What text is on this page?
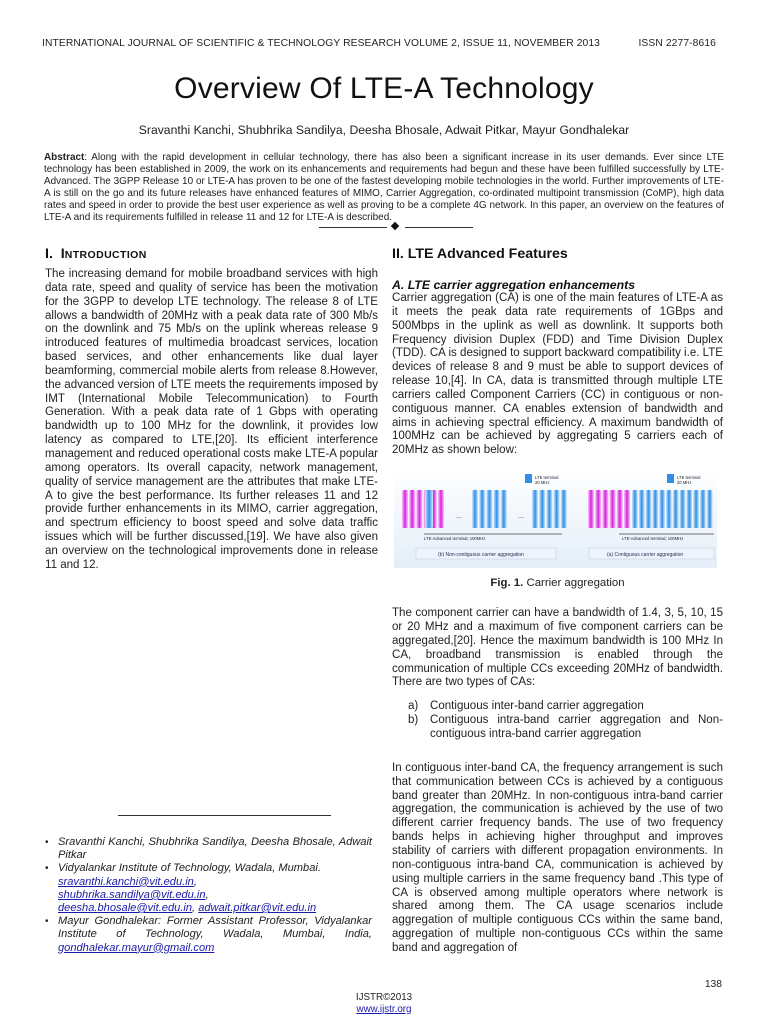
INTERNATIONAL JOURNAL OF SCIENTIFIC & TECHNOLOGY RESEARCH VOLUME 2, ISSUE 11, NOVEMBER 2013	ISSN 2277-8616
Overview Of LTE-A Technology
Sravanthi Kanchi, Shubhrika Sandilya, Deesha Bhosale, Adwait Pitkar, Mayur Gondhalekar
Abstract: Along with the rapid development in cellular technology, there has also been a significant increase in its user demands. Ever since LTE technology has been established in 2009, the work on its enhancements and requirements had begun and these have been fulfilled successfully by LTE-Advanced. The 3GPP Release 10 or LTE-A has proven to be one of the fastest developing mobile technologies in the world. Further improvements of LTE-A is still on the go and its future releases have enhanced features of MIMO, Carrier Aggregation, co-ordinated multipoint transmission (CoMP), high data rates and speed in order to provide the best user experience as well as proving to be a complete 4G network. In this paper, an overview on the features of LTE-A and its requirements fulfilled in release 11 and 12 for LTE-A is described.
I. INTRODUCTION

The increasing demand for mobile broadband services with high data rate, speed and quality of service has been the motivation for the 3GPP to develop LTE technology. The release 8 of LTE allows a bandwidth of 20MHz with a peak data rate of 300 Mb/s on the downlink and 75 Mb/s on the uplink whereas release 9 introduced features of multimedia broadcast services, location based services, and other enhancements like dual layer beamforming, commercial mobile alerts from release 8.However, the advanced version of LTE meets the requirements imposed by IMT (International Mobile Telecommunication) to Fourth Generation. With a peak data rate of 1 Gbps with operating bandwidth up to 100 MHz for the downlink, it provides low latency as compared to LTE,[20]. Its efficient interference management and reduced operational costs make LTE-A popular among operators. Its overall capacity, network management, quality of service management are the attributes that make LTE-A to give the best performance. Its further releases 11 and 12 provide further enhancements in its MIMO, carrier aggregation, and spectrum efficiency to boost speed and solve data traffic issues which will be further discussed,[19]. We have also given an overview on the technological improvements done in release 11 and 12.

II. LTE Advanced Features
A. LTE carrier aggregation enhancements

Carrier aggregation (CA) is one of the main features of LTE-A as it meets the peak data rate requirements of 1GBps and 500Mbps in the uplink as well as downlink. It supports both Frequency division Duplex (FDD) and Time Division Duplex (TDD). CA is designed to support backward compatibility i.e. LTE devices of release 8 and 9 must be able to support devices of release 10,[4]. In CA, data is transmitted through multiple LTE carriers called Component Carriers (CC) in contiguous or non-contiguous manner. CA enables extension of bandwidth and aims in achieving spectral efficiency. A maximum bandwidth of 100MHz can be achieved by aggregating 5 carriers each of 20MHz as shown below:

LTE terminal
20 MHz
...	...
LTE-Advanced terminal; 100MHz
(b) Non-contiguous carrier aggregation
LTE terminal
20 MHz
LTE-Advanced terminal; 100MHz
(a) Contiguous carrier aggregation
Fig. 1. Carrier aggregation

The component carrier can have a bandwidth of 1.4, 3, 5, 10, 15 or 20 MHz and a maximum of five component carriers can be aggregated,[20]. Hence the maximum bandwidth is 100 MHz In CA, broadband transmission is enabled through the communication of multiple CCs exceeding 20MHz of bandwidth. There are two types of CAs:

a)	Contiguous inter-band carrier aggregation
b)	Contiguous intra-band carrier aggregation and Non-contiguous intra-band carrier aggregation

In contiguous inter-band CA, the frequency arrangement is such that communication between CCs is achieved by a contiguous band greater than 20MHz. In non-contiguous intra-band carrier aggregation, the communication is achieved by the use of two different carrier frequency bands. The use of two frequency bands helps in achieving higher throughput and improves stability of carriers with different propagation environments. In non-contiguous intra-band CA, communication is achieved by using multiple carriers in the same frequency band .This type of CA is observed among multiple operators where network is shared among them. The CA usage scenarios include aggregation of multiple contiguous CCs within the same band, aggregation of multiple non-contiguous CCs within the same band and aggregation of

• Sravanthi Kanchi, Shubhrika Sandilya, Deesha Bhosale, Adwait Pitkar
• Vidyalankar Institute of Technology, Wadala, Mumbai.
sravanthi.kanchi@vit.edu.in,
shubhrika.sandilya@vit.edu.in,
deesha.bhosale@vit.edu.in, adwait.pitkar@vit.edu.in
• Mayur Gondhalekar: Former Assistant Professor, Vidyalankar Institute of Technology, Wadala, Mumbai, India, gondhalekar.mayur@gmail.com
138
IJSTR©2013
www.ijstr.org
